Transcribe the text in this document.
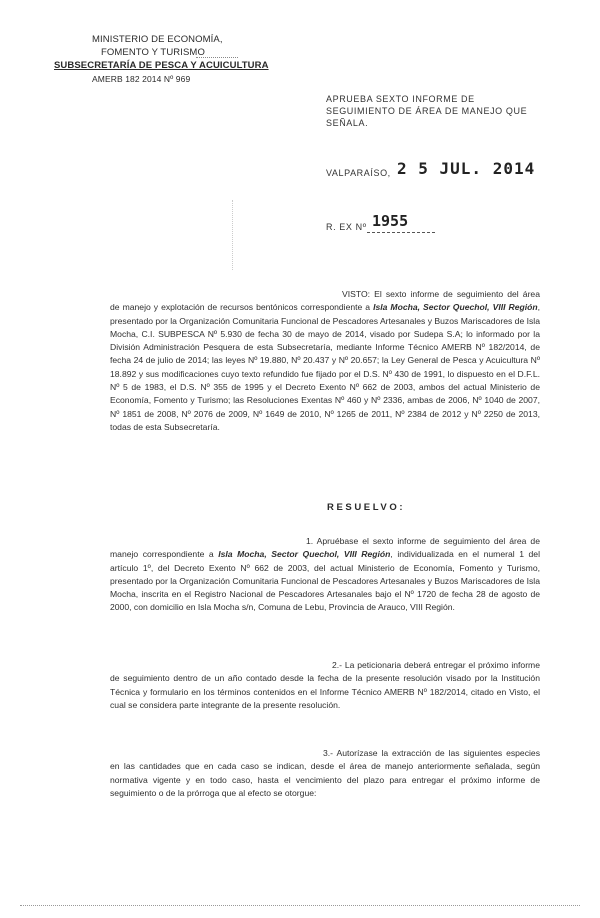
MINISTERIO DE ECONOMÍA,
FOMENTO Y TURISMO
SUBSECRETARÍA DE PESCA Y ACUICULTURA
AMERB 182 2014 Nº 969
APRUEBA SEXTO INFORME DE SEGUIMIENTO DE ÁREA DE MANEJO QUE SEÑALA.
VALPARAÍSO, 2 5 JUL. 2014
R. EX Nº 1955
VISTO: El sexto informe de seguimiento del área de manejo y explotación de recursos bentónicos correspondiente a Isla Mocha, Sector Quechol, VIII Región, presentado por la Organización Comunitaria Funcional de Pescadores Artesanales y Buzos Mariscadores de Isla Mocha, C.I. SUBPESCA Nº 5.930 de fecha 30 de mayo de 2014, visado por Sudepa S.A; lo informado por la División Administración Pesquera de esta Subsecretaría, mediante Informe Técnico AMERB Nº 182/2014, de fecha 24 de julio de 2014; las leyes Nº 19.880, Nº 20.437 y Nº 20.657; la Ley General de Pesca y Acuicultura Nº 18.892 y sus modificaciones cuyo texto refundido fue fijado por el D.S. Nº 430 de 1991, lo dispuesto en el D.F.L. Nº 5 de 1983, el D.S. Nº 355 de 1995 y el Decreto Exento Nº 662 de 2003, ambos del actual Ministerio de Economía, Fomento y Turismo; las Resoluciones Exentas Nº 460 y Nº 2336, ambas de 2006, Nº 1040 de 2007, Nº 1851 de 2008, Nº 2076 de 2009, Nº 1649 de 2010, Nº 1265 de 2011, Nº 2384 de 2012 y Nº 2250 de 2013, todas de esta Subsecretaría.
RESUELVO:
1. Apruébase el sexto informe de seguimiento del área de manejo correspondiente a Isla Mocha, Sector Quechol, VIII Región, individualizada en el numeral 1 del artículo 1º, del Decreto Exento Nº 662 de 2003, del actual Ministerio de Economía, Fomento y Turismo, presentado por la Organización Comunitaria Funcional de Pescadores Artesanales y Buzos Mariscadores de Isla Mocha, inscrita en el Registro Nacional de Pescadores Artesanales bajo el Nº 1720 de fecha 28 de agosto de 2000, con domicilio en Isla Mocha s/n, Comuna de Lebu, Provincia de Arauco, VIII Región.
2.- La peticionaria deberá entregar el próximo informe de seguimiento dentro de un año contado desde la fecha de la presente resolución visado por la Institución Técnica y formulario en los términos contenidos en el Informe Técnico AMERB Nº 182/2014, citado en Visto, el cual se considera parte integrante de la presente resolución.
3.- Autorízase la extracción de las siguientes especies en las cantidades que en cada caso se indican, desde el área de manejo anteriormente señalada, según normativa vigente y en todo caso, hasta el vencimiento del plazo para entregar el próximo informe de seguimiento o de la prórroga que al efecto se otorgue:
